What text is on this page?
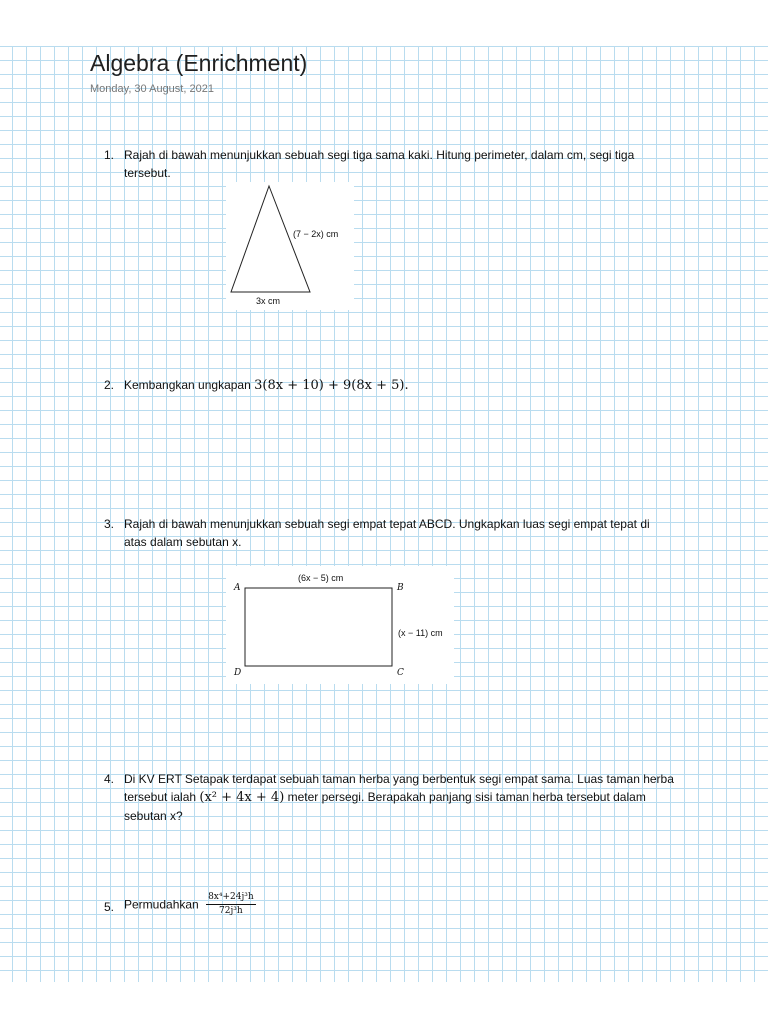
Algebra (Enrichment)
Monday, 30 August, 2021
1. Rajah di bawah menunjukkan sebuah segi tiga sama kaki. Hitung perimeter, dalam cm, segi tiga tersebut.
(7 − 2x) cm
3x cm
2. Kembangkan ungkapan 3(8x + 10) + 9(8x + 5).
3. Rajah di bawah menunjukkan sebuah segi empat tepat ABCD. Ungkapkan luas segi empat tepat di atas dalam sebutan x.
(6x − 5) cm
(x − 11) cm
A	B
C
D
4. Di KV ERT Setapak terdapat sebuah taman herba yang berbentuk segi empat sama. Luas taman herba tersebut ialah (x² + 4x + 4) meter persegi. Berapakah panjang sisi taman herba tersebut dalam sebutan x?
5. Permudahkan $\frac{\text{8x⁴+24j³h}}{\text{72j³h}}$
